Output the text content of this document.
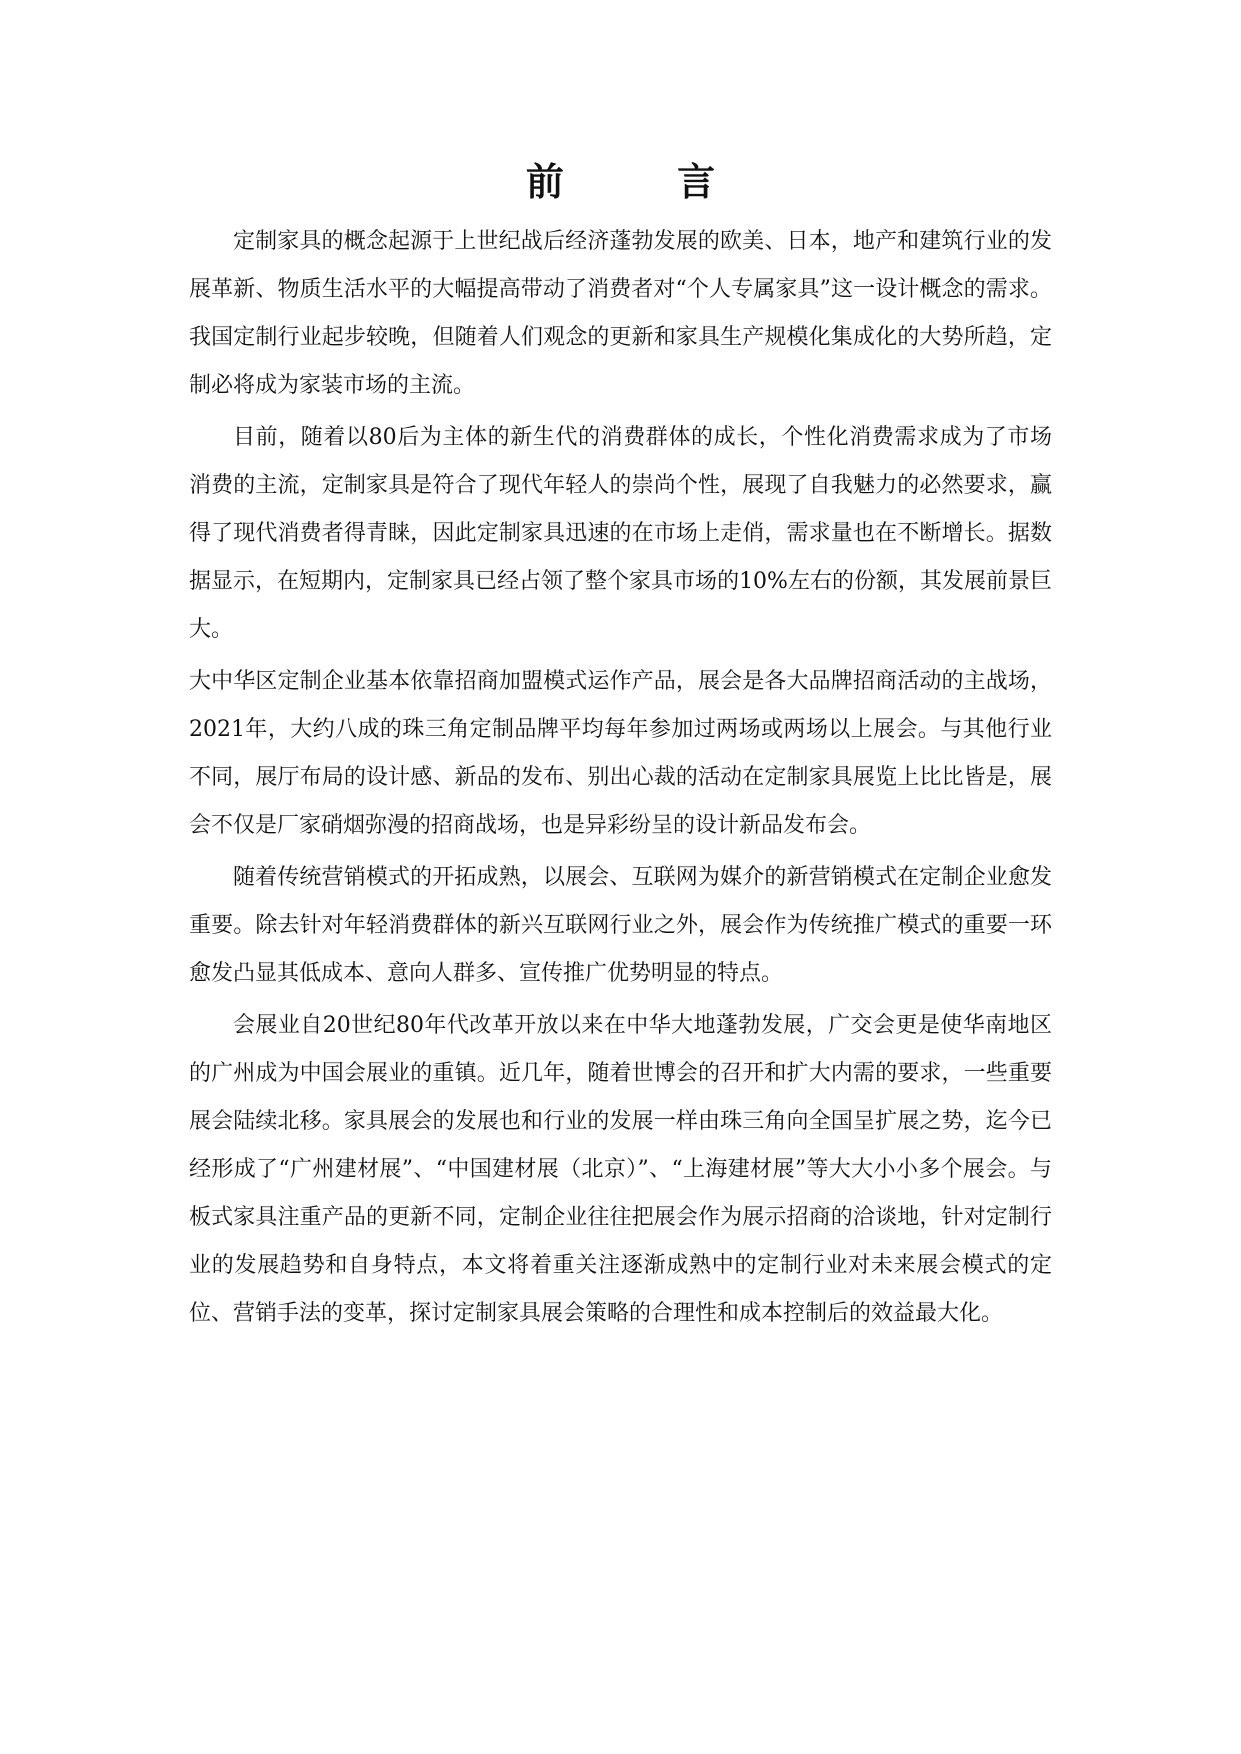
前 言

定制家具的概念起源于上世纪战后经济蓬勃发展的欧美、日本，地产和建筑行业的发展革新、物质生活水平的大幅提高带动了消费者对“个人专属家具”这一设计概念的需求。我国定制行业起步较晚，但随着人们观念的更新和家具生产规模化集成化的大势所趋，定制必将成为家装市场的主流。

目前，随着以80后为主体的新生代的消费群体的成长，个性化消费需求成为了市场消费的主流，定制家具是符合了现代年轻人的崇尚个性，展现了自我魅力的必然要求，赢得了现代消费者得青睐，因此定制家具迅速的在市场上走俏，需求量也在不断增长。据数据显示，在短期内，定制家具已经占领了整个家具市场的10%左右的份额，其发展前景巨大。

大中华区定制企业基本依靠招商加盟模式运作产品，展会是各大品牌招商活动的主战场，2021年，大约八成的珠三角定制品牌平均每年参加过两场或两场以上展会。与其他行业不同，展厅布局的设计感、新品的发布、别出心裁的活动在定制家具展览上比比皆是，展会不仅是厂家硝烟弥漫的招商战场，也是异彩纷呈的设计新品发布会。

随着传统营销模式的开拓成熟，以展会、互联网为媒介的新营销模式在定制企业愈发重要。除去针对年轻消费群体的新兴互联网行业之外，展会作为传统推广模式的重要一环愈发凸显其低成本、意向人群多、宣传推广优势明显的特点。

会展业自20世纪80年代改革开放以来在中华大地蓬勃发展，广交会更是使华南地区的广州成为中国会展业的重镇。近几年，随着世博会的召开和扩大内需的要求，一些重要展会陆续北移。家具展会的发展也和行业的发展一样由珠三角向全国呈扩展之势，迄今已经形成了“广州建材展”、“中国建材展（北京）”、“上海建材展”等大大小小多个展会。与板式家具注重产品的更新不同，定制企业往往把展会作为展示招商的洽谈地，针对定制行业的发展趋势和自身特点，本文将着重关注逐渐成熟中的定制行业对未来展会模式的定位、营销手法的变革，探讨定制家具展会策略的合理性和成本控制后的效益最大化。
